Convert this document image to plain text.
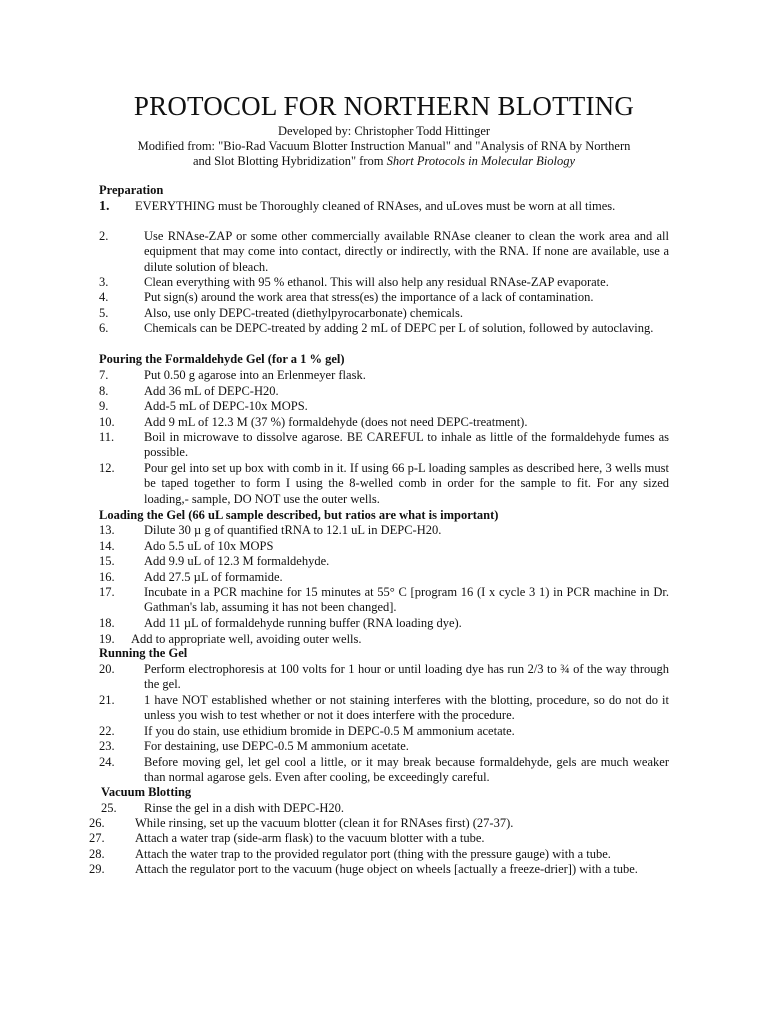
PROTOCOL FOR NORTHERN BLOTTING
Developed by: Christopher Todd Hittinger
Modified from: "Bio-Rad Vacuum Blotter Instruction Manual" and "Analysis of RNA by Northern
and Slot Blotting Hybridization" from Short Protocols in Molecular Biology
Preparation
1.	EVERYTHING must be Thoroughly cleaned of RNAses, and uLoves must be worn at all times.
2.	Use RNAse-ZAP or some other commercially available RNAse cleaner to clean the work area and all equipment that may come into contact, directly or indirectly, with the RNA. If none are available, use a dilute solution of bleach.
3.	Clean everything with 95 % ethanol. This will also help any residual RNAse-ZAP evaporate.
4.	Put sign(s) around the work area that stress(es) the importance of a lack of contamination.
5.	Also, use only DEPC-treated (diethylpyrocarbonate) chemicals.
6.	Chemicals can be DEPC-treated by adding 2 mL of DEPC per L of solution, followed by autoclaving.
Pouring the Formaldehyde Gel (for a 1 % gel)
7.	Put 0.50 g agarose into an Erlenmeyer flask.
8.	Add 36 mL of DEPC-H20.
9.	Add-5 mL of DEPC-10x MOPS.
10.	Add 9 mL of 12.3 M (37 %) formaldehyde (does not need DEPC-treatment).
11.	Boil in microwave to dissolve agarose. BE CAREFUL to inhale as little of the formaldehyde fumes as possible.
12.	Pour gel into set up box with comb in it. If using 66 p-L loading samples as described here, 3 wells must be taped together to form I using the 8-welled comb in order for the sample to fit. For any sized loading,- sample, DO NOT use the outer wells.
Loading the Gel (66 uL sample described, but ratios are what is important)
13.	Dilute 30 µ g of quantified tRNA to 12.1 uL in DEPC-H20.
14.	Ado 5.5 uL of 10x MOPS
15.	Add 9.9 uL of 12.3 M formaldehyde.
16.	Add 27.5 µL of formamide.
17.	Incubate in a PCR machine for 15 minutes at 55° C [program 16 (I x cycle 3 1) in PCR machine in Dr. Gathman's lab, assuming it has not been changed].
18.	Add 11 µL of formaldehyde running buffer (RNA loading dye).
19.	Add to appropriate well, avoiding outer wells.
Running the Gel
20.	Perform electrophoresis at 100 volts for 1 hour or until loading dye has run 2/3 to ¾ of the way through the gel.
21.	1 have NOT established whether or not staining interferes with the blotting, procedure, so do not do it unless you wish to test whether or not it does interfere with the procedure.
22.	If you do stain, use ethidium bromide in DEPC-0.5 M ammonium acetate.
23.	For destaining, use DEPC-0.5 M ammonium acetate.
24.	Before moving gel, let gel cool a little, or it may break because formaldehyde, gels are much weaker than normal agarose gels. Even after cooling, be exceedingly careful.
Vacuum Blotting
25.	Rinse the gel in a dish with DEPC-H20.
26.	While rinsing, set up the vacuum blotter (clean it for RNAses first) (27-37).
27.	Attach a water trap (side-arm flask) to the vacuum blotter with a tube.
28.	Attach the water trap to the provided regulator port (thing with the pressure gauge) with a tube.
29.	Attach the regulator port to the vacuum (huge object on wheels [actually a freeze-drier]) with a tube.
